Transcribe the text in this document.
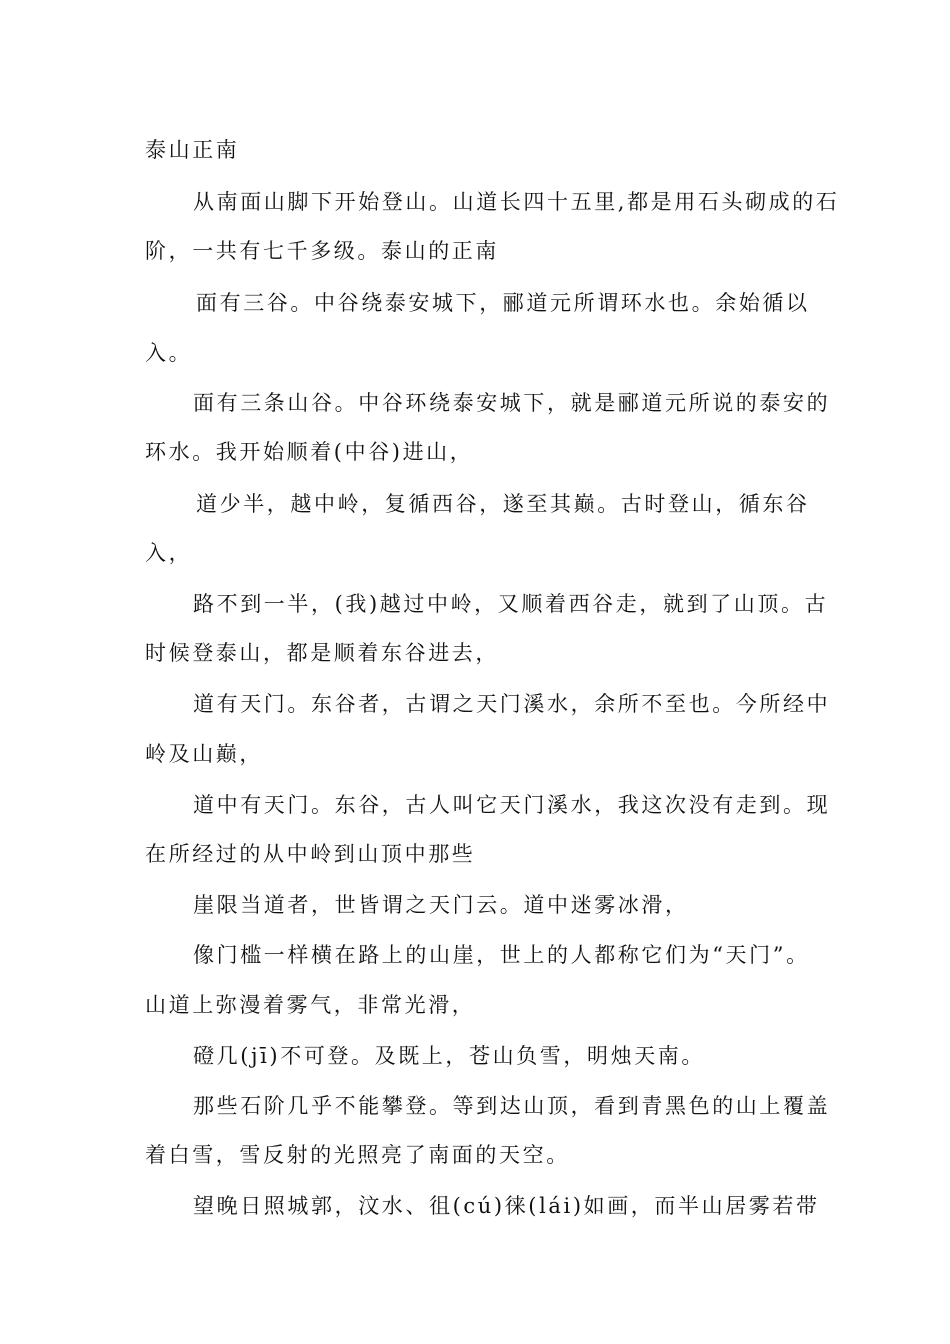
泰山正南
从南面山脚下开始登山。山道长四十五里,都是用石头砌成的石
阶，一共有七千多级。泰山的正南
面有三谷。中谷绕泰安城下，郦道元所谓环水也。余始循以
入。
面有三条山谷。中谷环绕泰安城下，就是郦道元所说的泰安的
环水。我开始顺着(中谷)进山，
道少半，越中岭，复循西谷，遂至其巅。古时登山，循东谷
入，
路不到一半，(我)越过中岭，又顺着西谷走，就到了山顶。古
时候登泰山，都是顺着东谷进去，
道有天门。东谷者，古谓之天门溪水，余所不至也。今所经中
岭及山巅，
道中有天门。东谷，古人叫它天门溪水，我这次没有走到。现
在所经过的从中岭到山顶中那些
崖限当道者，世皆谓之天门云。道中迷雾冰滑，
像门槛一样横在路上的山崖，世上的人都称它们为“天门”。
山道上弥漫着雾气，非常光滑，
磴几(jī)不可登。及既上，苍山负雪，明烛天南。
那些石阶几乎不能攀登。等到达山顶，看到青黑色的山上覆盖
着白雪，雪反射的光照亮了南面的天空。
望晚日照城郭，汶水、徂(cú)徕(lái)如画，而半山居雾若带
